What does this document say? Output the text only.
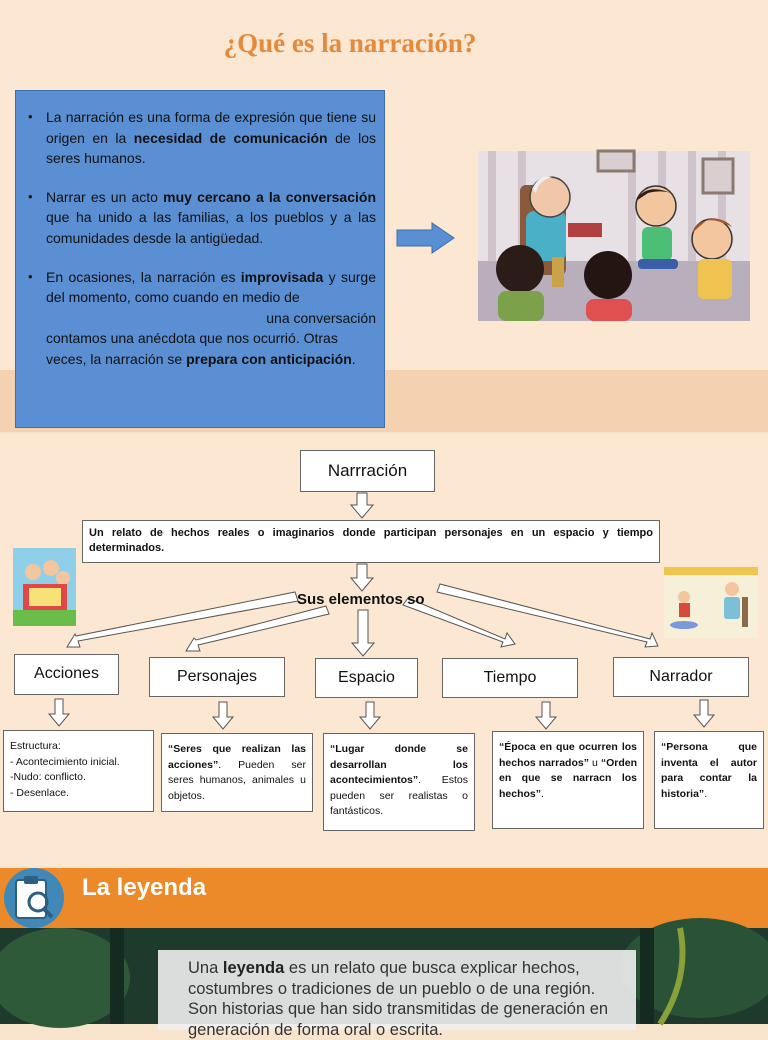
¿Qué es la narración?
• La narración es una forma de expresión que tiene su origen en la necesidad de comunicación de los seres humanos.

• Narrar es un acto muy cercano a la conversación que ha unido a las familias, a los pueblos y a las comunidades desde la antigüedad.

• En ocasiones, la narración es improvisada y surge del momento, como cuando en medio de
una conversación
contamos una anécdota que nos ocurrió. Otras veces, la narración se prepara con anticipación.

Narrración
Un relato de hechos reales o imaginarios donde participan personajes en un espacio y tiempo determinados.
Sus elementos so
Acciones	Personajes	Espacio	Tiempo	Narrador
Estructura:
- Acontecimiento inicial.
-Nudo: conflicto.
- Desenlace.
“Seres que realizan las acciones”. Pueden ser seres humanos, animales u objetos.
“Lugar donde se desarrollan los acontecimientos”. Estos pueden ser realistas o fantásticos.
“Época en que ocurren los hechos narrados” u “Orden en que se narracn los hechos”.
“Persona que inventa el autor para contar la historia”.
La leyenda
Una leyenda es un relato que busca explicar hechos, costumbres o tradiciones de un pueblo o de una región. Son historias que han sido transmitidas de generación en generación de forma oral o escrita.
